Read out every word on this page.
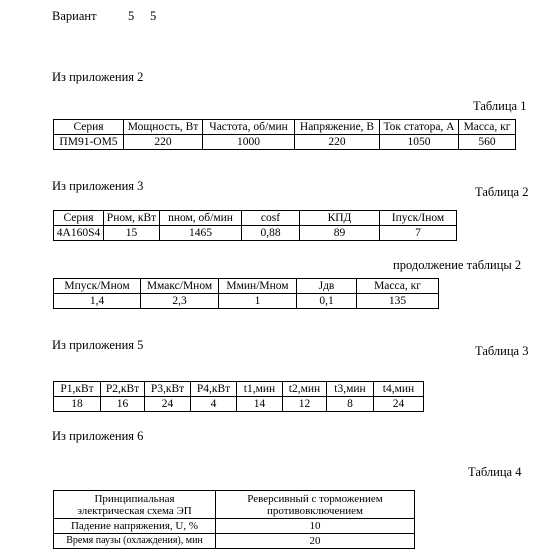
Вариант	5 5
Из приложения 2
Таблица 1
Серия	Мощность, Вт	Частота, об/мин	Напряжение, В	Ток статора, А	Масса, кг
ПМ91-ОМ5	220	1000	220	1050	560
Из приложения 3	Таблица 2
Серия	Рном, кВт	nном, об/мин	cosf	КПД	Iпуск/Iном
4А160S4	15	1465	0,88	89	7
продолжение таблицы 2
Мпуск/Мном	Ммакс/Мном	Ммин/Мном	Jдв	Масса, кг
1,4	2,3	1	0,1	135
Из приложения 5	Таблица 3
Р1,кВт	Р2,кВт	Р3,кВт	Р4,кВт	t1,мин	t2,мин	t3,мин	t4,мин
18	16	24	4	14	12	8	24
Из приложения 6
Таблица 4
Принципиальная электрическая схема ЭП	Реверсивный с торможением противовключением
Падение напряжения, U, %	10
Время паузы (охлаждения), мин	20
